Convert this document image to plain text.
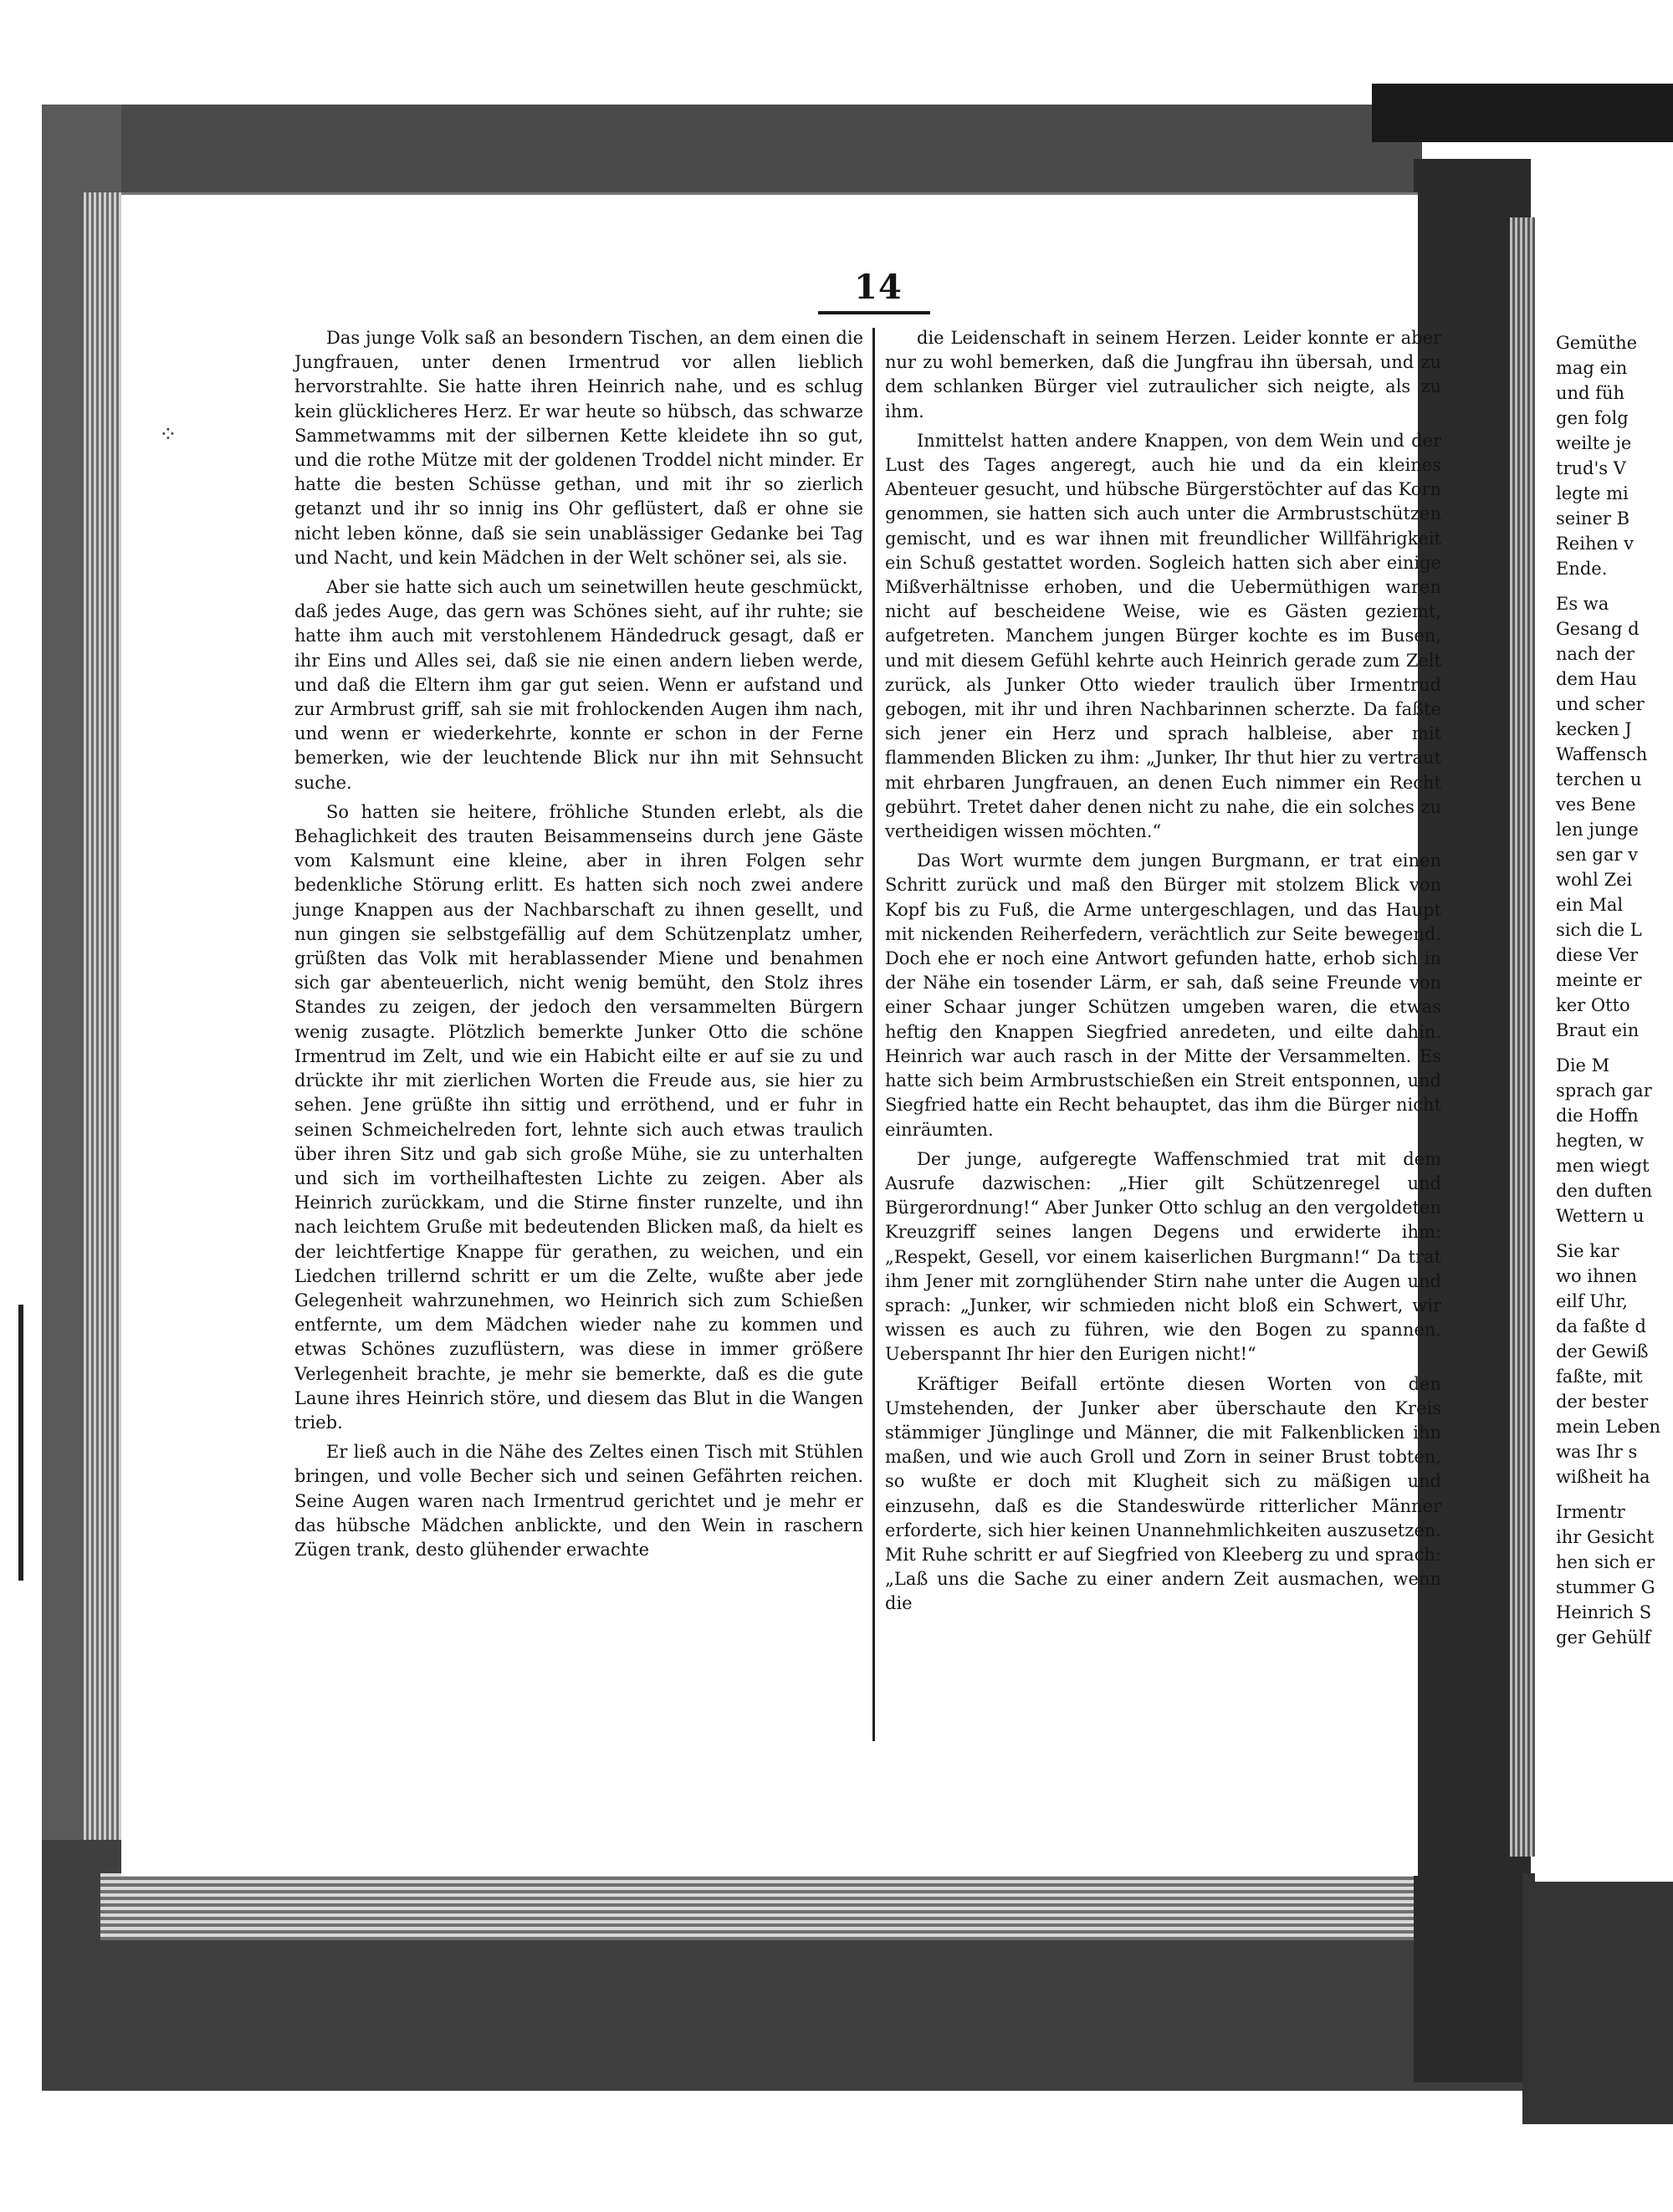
⁘
14

Das junge Volk saß an besondern Tischen, an dem einen die Jungfrauen, unter denen Irmentrud vor allen lieblich hervorstrahlte. Sie hatte ihren Heinrich nahe, und es schlug kein glücklicheres Herz. Er war heute so hübsch, das schwarze Sammetwamms mit der silbernen Kette kleidete ihn so gut, und die rothe Mütze mit der goldenen Troddel nicht minder. Er hatte die besten Schüsse gethan, und mit ihr so zierlich getanzt und ihr so innig ins Ohr geflüstert, daß er ohne sie nicht leben könne, daß sie sein unablässiger Gedanke bei Tag und Nacht, und kein Mädchen in der Welt schöner sei, als sie.

Aber sie hatte sich auch um seinetwillen heute geschmückt, daß jedes Auge, das gern was Schönes sieht, auf ihr ruhte; sie hatte ihm auch mit verstohlenem Händedruck gesagt, daß er ihr Eins und Alles sei, daß sie nie einen andern lieben werde, und daß die Eltern ihm gar gut seien. Wenn er aufstand und zur Armbrust griff, sah sie mit frohlockenden Augen ihm nach, und wenn er wiederkehrte, konnte er schon in der Ferne bemerken, wie der leuchtende Blick nur ihn mit Sehnsucht suche.

So hatten sie heitere, fröhliche Stunden erlebt, als die Behaglichkeit des trauten Beisammenseins durch jene Gäste vom Kalsmunt eine kleine, aber in ihren Folgen sehr bedenkliche Störung erlitt. Es hatten sich noch zwei andere junge Knappen aus der Nachbarschaft zu ihnen gesellt, und nun gingen sie selbstgefällig auf dem Schützenplatz umher, grüßten das Volk mit herablassender Miene und benahmen sich gar abenteuerlich, nicht wenig bemüht, den Stolz ihres Standes zu zeigen, der jedoch den versammelten Bürgern wenig zusagte. Plötzlich bemerkte Junker Otto die schöne Irmentrud im Zelt, und wie ein Habicht eilte er auf sie zu und drückte ihr mit zierlichen Worten die Freude aus, sie hier zu sehen. Jene grüßte ihn sittig und erröthend, und er fuhr in seinen Schmeichelreden fort, lehnte sich auch etwas traulich über ihren Sitz und gab sich große Mühe, sie zu unterhalten und sich im vortheilhaftesten Lichte zu zeigen. Aber als Heinrich zurückkam, und die Stirne finster runzelte, und ihn nach leichtem Gruße mit bedeutenden Blicken maß, da hielt es der leichtfertige Knappe für gerathen, zu weichen, und ein Liedchen trillernd schritt er um die Zelte, wußte aber jede Gelegenheit wahrzunehmen, wo Heinrich sich zum Schießen entfernte, um dem Mädchen wieder nahe zu kommen und etwas Schönes zuzuflüstern, was diese in immer größere Verlegenheit brachte, je mehr sie bemerkte, daß es die gute Laune ihres Heinrich störe, und diesem das Blut in die Wangen trieb.

Er ließ auch in die Nähe des Zeltes einen Tisch mit Stühlen bringen, und volle Becher sich und seinen Gefährten reichen. Seine Augen waren nach Irmentrud gerichtet und je mehr er das hübsche Mädchen anblickte, und den Wein in raschern Zügen trank, desto glühender erwachte

die Leidenschaft in seinem Herzen. Leider konnte er aber nur zu wohl bemerken, daß die Jungfrau ihn übersah, und zu dem schlanken Bürger viel zutraulicher sich neigte, als zu ihm.

Inmittelst hatten andere Knappen, von dem Wein und der Lust des Tages angeregt, auch hie und da ein kleines Abenteuer gesucht, und hübsche Bürgerstöchter auf das Korn genommen, sie hatten sich auch unter die Armbrustschützen gemischt, und es war ihnen mit freundlicher Willfährigkeit ein Schuß gestattet worden. Sogleich hatten sich aber einige Mißverhältnisse erhoben, und die Uebermüthigen waren nicht auf bescheidene Weise, wie es Gästen geziemt, aufgetreten. Manchem jungen Bürger kochte es im Busen, und mit diesem Gefühl kehrte auch Heinrich gerade zum Zelt zurück, als Junker Otto wieder traulich über Irmentrud gebogen, mit ihr und ihren Nachbarinnen scherzte. Da faßte sich jener ein Herz und sprach halbleise, aber mit flammenden Blicken zu ihm: „Junker, Ihr thut hier zu vertraut mit ehrbaren Jungfrauen, an denen Euch nimmer ein Recht gebührt. Tretet daher denen nicht zu nahe, die ein solches zu vertheidigen wissen möchten.“

Das Wort wurmte dem jungen Burgmann, er trat einen Schritt zurück und maß den Bürger mit stolzem Blick von Kopf bis zu Fuß, die Arme untergeschlagen, und das Haupt mit nickenden Reiherfedern, verächtlich zur Seite bewegend. Doch ehe er noch eine Antwort gefunden hatte, erhob sich in der Nähe ein tosender Lärm, er sah, daß seine Freunde von einer Schaar junger Schützen umgeben waren, die etwas heftig den Knappen Siegfried anredeten, und eilte dahin. Heinrich war auch rasch in der Mitte der Versammelten. Es hatte sich beim Armbrustschießen ein Streit entsponnen, und Siegfried hatte ein Recht behauptet, das ihm die Bürger nicht einräumten.

Der junge, aufgeregte Waffenschmied trat mit dem Ausrufe dazwischen: „Hier gilt Schützenregel und Bürgerordnung!“ Aber Junker Otto schlug an den vergoldeten Kreuzgriff seines langen Degens und erwiderte ihm: „Respekt, Gesell, vor einem kaiserlichen Burgmann!“ Da trat ihm Jener mit zornglühender Stirn nahe unter die Augen und sprach: „Junker, wir schmieden nicht bloß ein Schwert, wir wissen es auch zu führen, wie den Bogen zu spannen. Ueberspannt Ihr hier den Eurigen nicht!“

Kräftiger Beifall ertönte diesen Worten von den Umstehenden, der Junker aber überschaute den Kreis stämmiger Jünglinge und Männer, die mit Falkenblicken ihn maßen, und wie auch Groll und Zorn in seiner Brust tobten, so wußte er doch mit Klugheit sich zu mäßigen und einzusehn, daß es die Standeswürde ritterlicher Männer erforderte, sich hier keinen Unannehmlichkeiten auszusetzen. Mit Ruhe schritt er auf Siegfried von Kleeberg zu und sprach: „Laß uns die Sache zu einer andern Zeit ausmachen, wenn die

Gemüthe
mag ein
und füh
gen folg
weilte je
trud's V
legte mi
seiner B
Reihen v
Ende.
Es wa
Gesang d
nach der
dem Hau
und scher
kecken J
Waffensch
terchen u
ves Bene
len junge
sen gar v
wohl Zei
ein Mal
sich die L
diese Ver
meinte er
ker Otto
Braut ein
Die M
sprach gar
die Hoffn
hegten, w
men wiegt
den duften
Wettern u
Sie kar
wo ihnen
eilf Uhr,
da faßte d
der Gewiß
faßte, mit
der bester
mein Leben
was Ihr s
wißheit ha
Irmentr
ihr Gesicht
hen sich er
stummer G
Heinrich S
ger Gehülf
